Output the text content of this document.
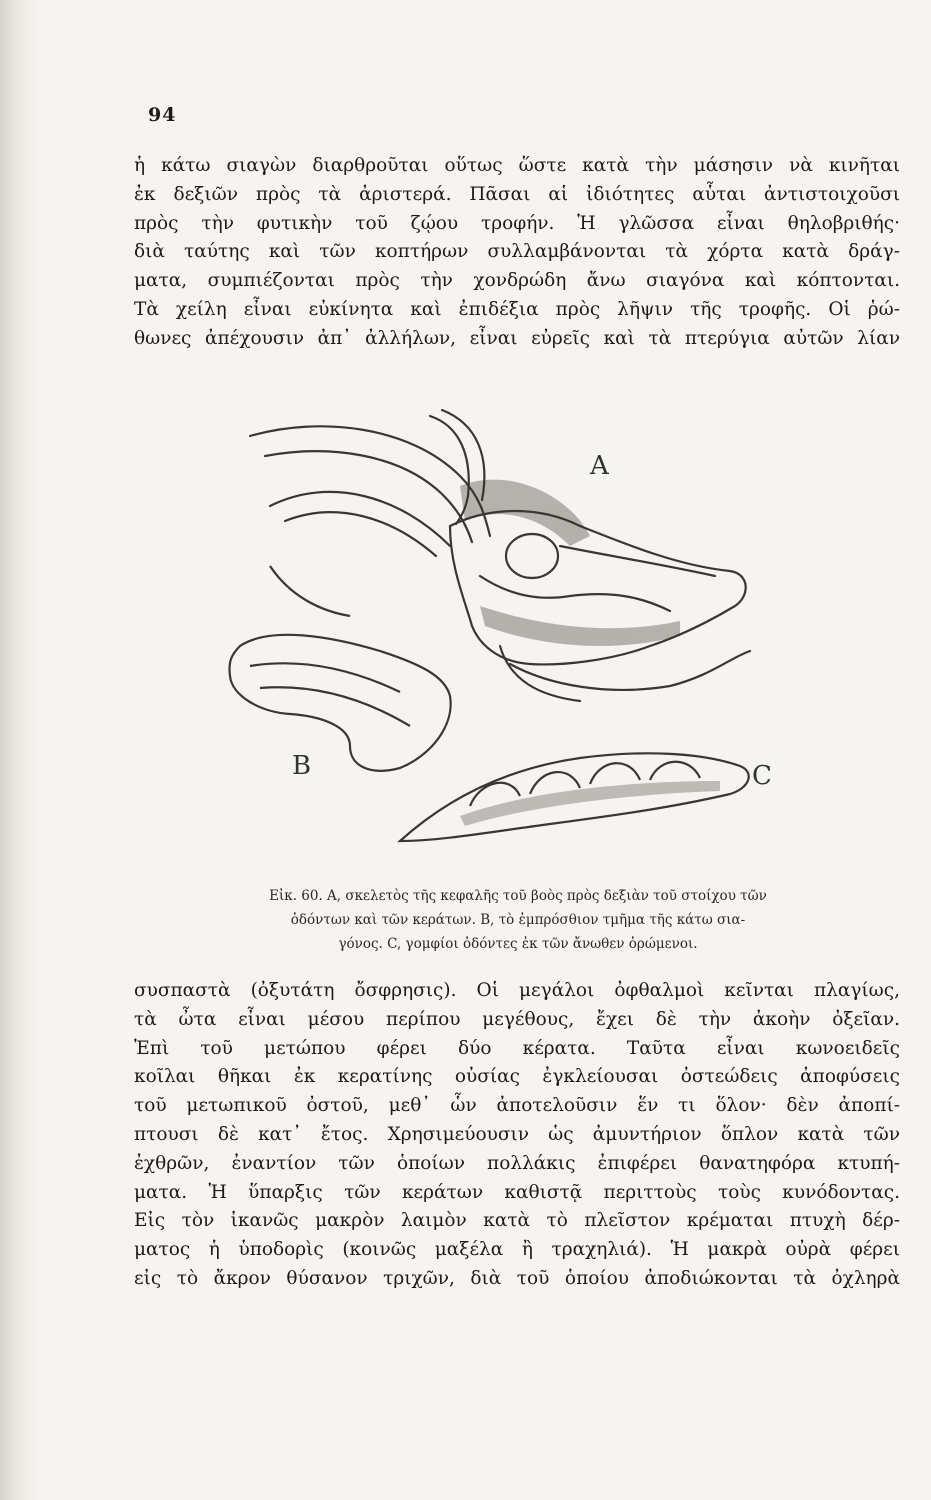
94
ἡ κάτω σιαγὼν διαρθροῦται οὕτως ὥστε κατὰ τὴν μάσησιν νὰ κινῆται
ἐκ δεξιῶν πρὸς τὰ ἀριστερά. Πᾶσαι αἱ ἰδιότητες αὗται ἀντιστοιχοῦσι
πρὸς τὴν φυτικὴν τοῦ ζῴου τροφήν. Ἡ γλῶσσα εἶναι θηλοβριθής·
διὰ ταύτης καὶ τῶν κοπτήρων συλλαμβάνονται τὰ χόρτα κατὰ δράγ-
ματα, συμπιέζονται πρὸς τὴν χονδρώδη ἄνω σιαγόνα καὶ κόπτονται.
Τὰ χείλη εἶναι εὐκίνητα καὶ ἐπιδέξια πρὸς λῆψιν τῆς τροφῆς. Οἱ ῥώ-
θωνες ἀπέχουσιν ἀπ᾽ ἀλλήλων, εἶναι εὐρεῖς καὶ τὰ πτερύγια αὐτῶν λίαν
A
B	C
Εἰκ. 60. A, σκελετὸς τῆς κεφαλῆς τοῦ βοὸς πρὸς δεξιὰν τοῦ στοίχου τῶν
ὀδόντων καὶ τῶν κεράτων. B, τὸ ἐμπρόσθιον τμῆμα τῆς κάτω σια-
γόνος. C, γομφίοι ὀδόντες ἐκ τῶν ἄνωθεν ὁρώμενοι.
συσπαστὰ (ὀξυτάτη ὄσφρησις). Οἱ μεγάλοι ὀφθαλμοὶ κεῖνται πλαγίως,
τὰ ὦτα εἶναι μέσου περίπου μεγέθους, ἔχει δὲ τὴν ἀκοὴν ὀξεῖαν.
Ἐπὶ τοῦ μετώπου φέρει δύο κέρατα. Ταῦτα εἶναι κωνοειδεῖς
κοῖλαι θῆκαι ἐκ κερατίνης οὐσίας ἐγκλείουσαι ὀστεώδεις ἀποφύσεις
τοῦ μετωπικοῦ ὀστοῦ, μεθ᾽ ὧν ἀποτελοῦσιν ἕν τι ὅλον· δὲν ἀποπί-
πτουσι δὲ κατ᾽ ἔτος. Χρησιμεύουσιν ὡς ἀμυντήριον ὅπλον κατὰ τῶν
ἐχθρῶν, ἐναντίον τῶν ὁποίων πολλάκις ἐπιφέρει θανατηφόρα κτυπή-
ματα. Ἡ ὕπαρξις τῶν κεράτων καθιστᾷ περιττοὺς τοὺς κυνόδοντας.
Εἰς τὸν ἱκανῶς μακρὸν λαιμὸν κατὰ τὸ πλεῖστον κρέμαται πτυχὴ δέρ-
ματος ἡ ὑποδορὶς (κοινῶς μαξέλα ἢ τραχηλιά). Ἡ μακρὰ οὐρὰ φέρει
εἰς τὸ ἄκρον θύσανον τριχῶν, διὰ τοῦ ὁποίου ἀποδιώκονται τὰ ὀχληρὰ
